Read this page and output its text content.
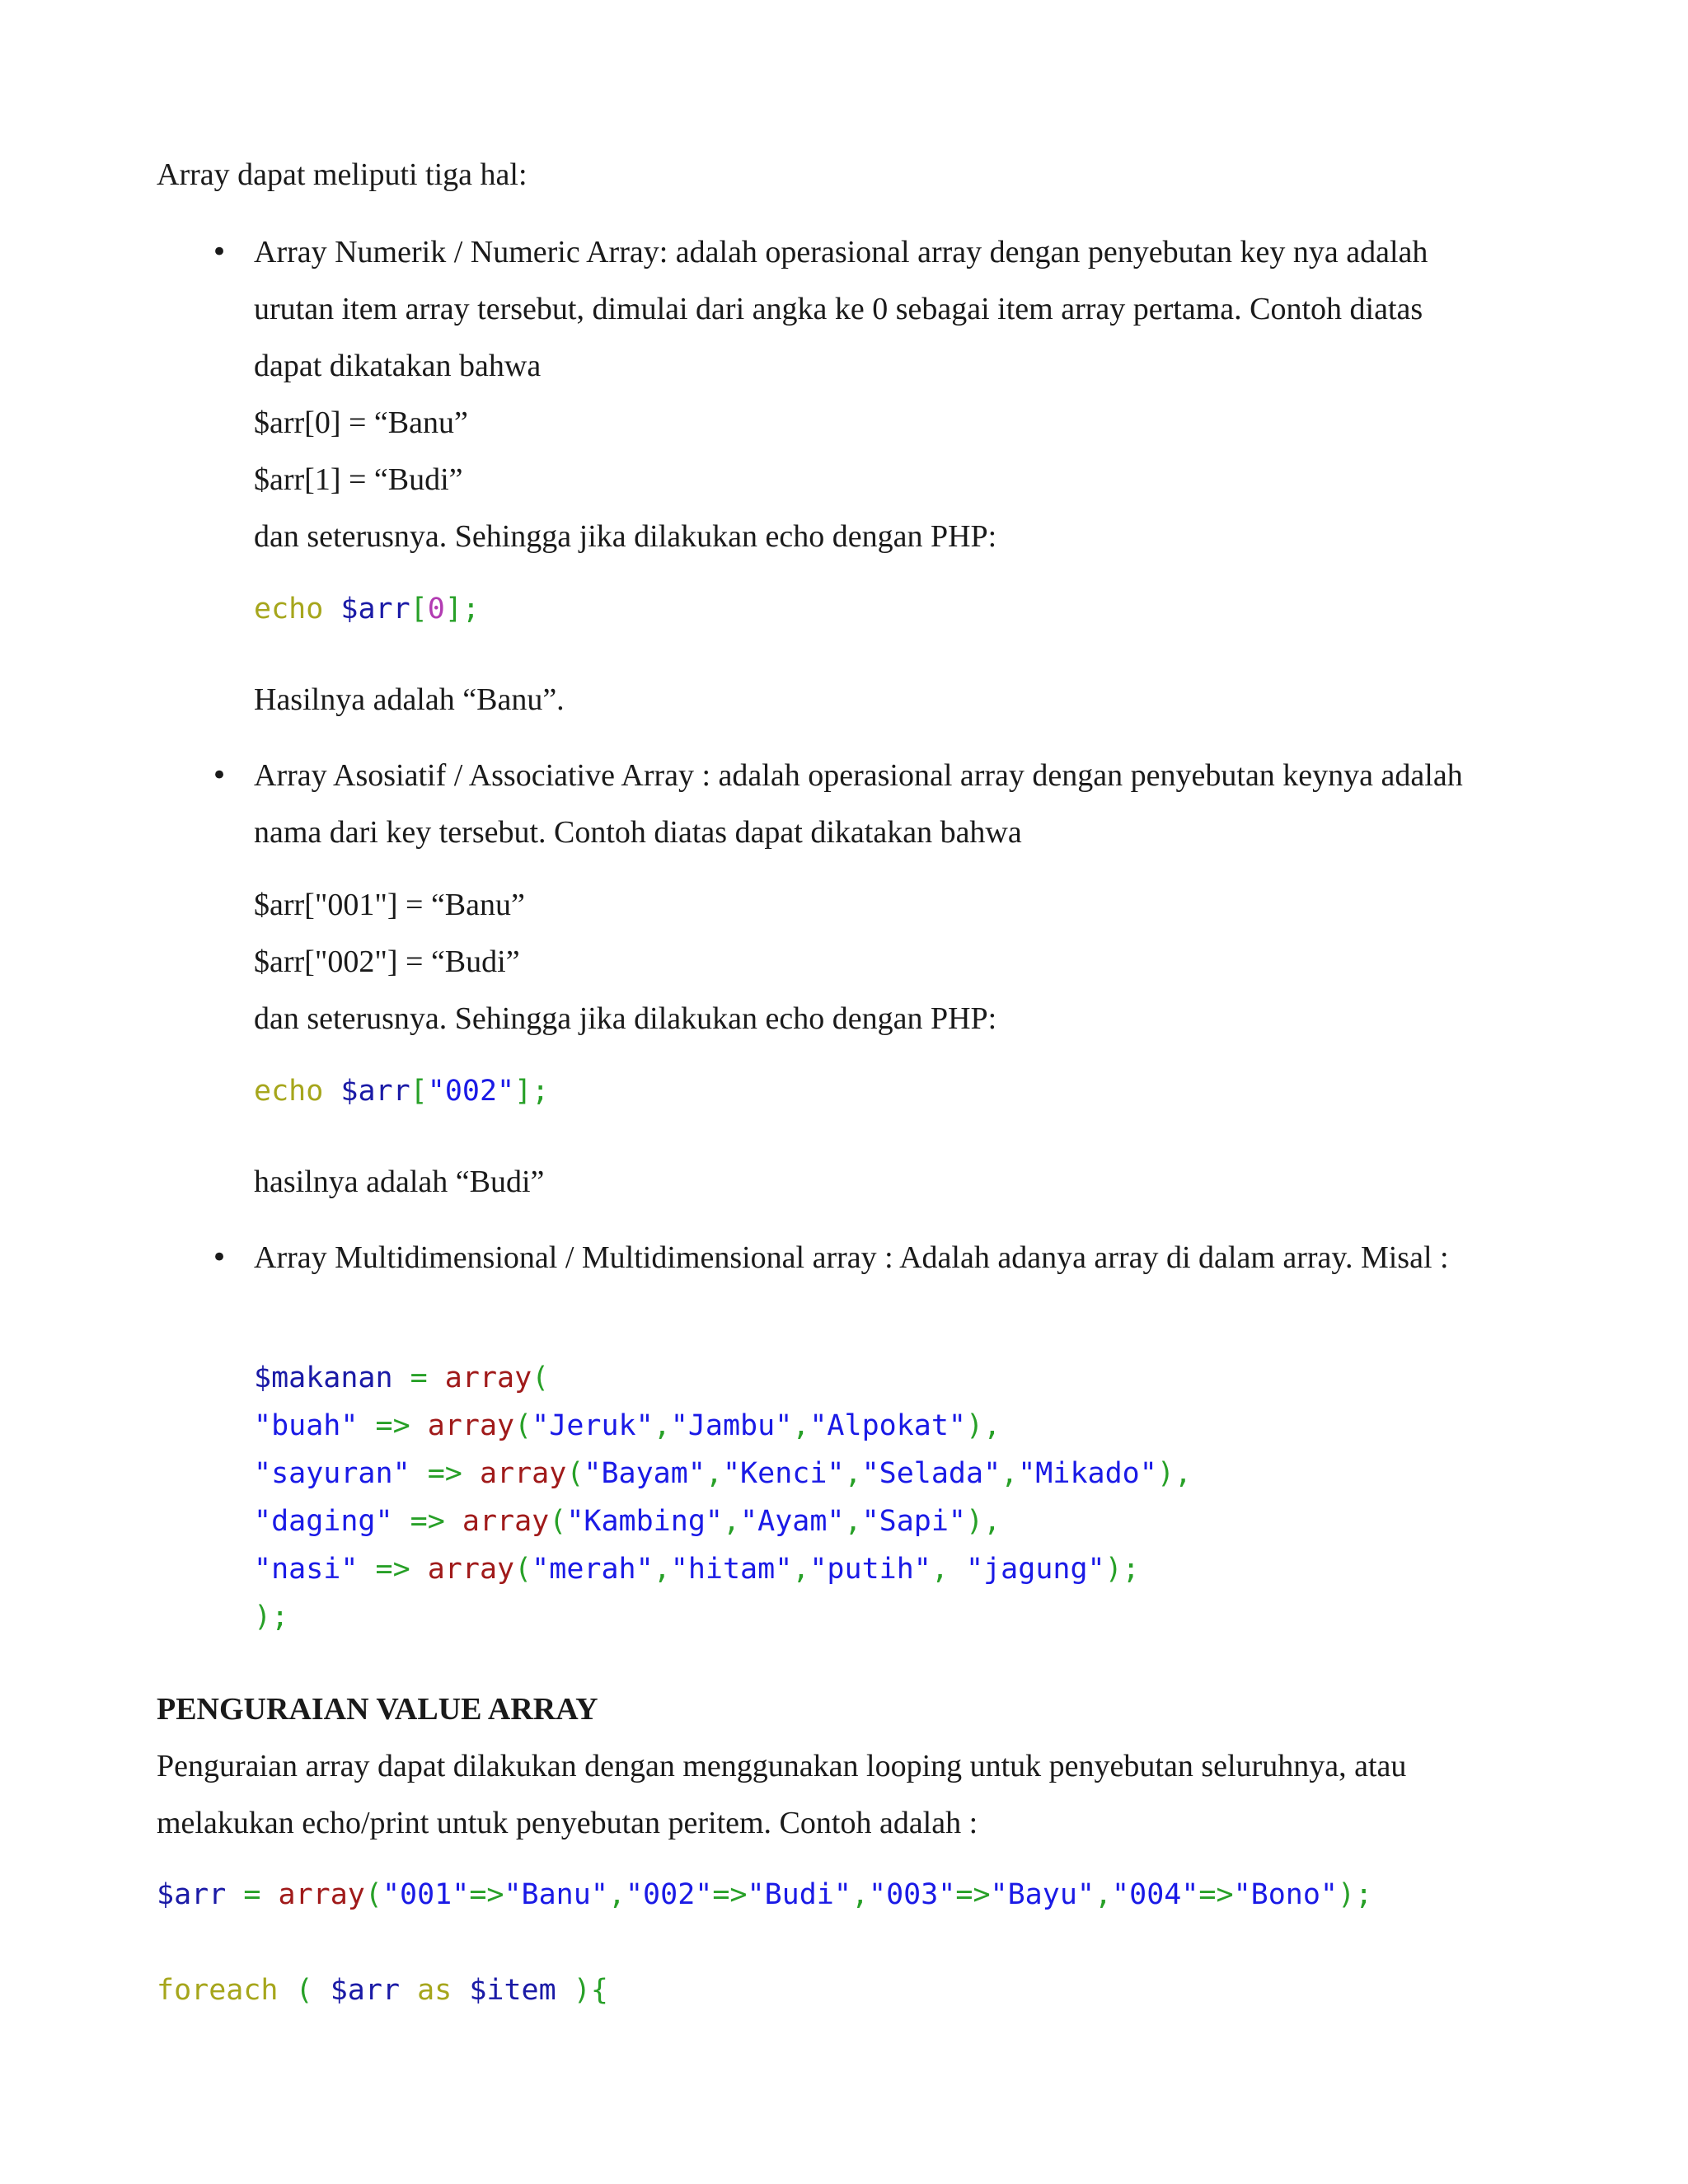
Array dapat meliputi tiga hal:
• Array Numerik / Numeric Array: adalah operasional array dengan penyebutan key nya adalah
urutan item array tersebut, dimulai dari angka ke 0 sebagai item array pertama. Contoh diatas
dapat dikatakan bahwa
$arr[0] = “Banu”
$arr[1] = “Budi”
dan seterusnya. Sehingga jika dilakukan echo dengan PHP:
echo $arr[0];
Hasilnya adalah “Banu”.
• Array Asosiatif / Associative Array : adalah operasional array dengan penyebutan keynya adalah
nama dari key tersebut. Contoh diatas dapat dikatakan bahwa
$arr["001"] = “Banu”
$arr["002"] = “Budi”
dan seterusnya. Sehingga jika dilakukan echo dengan PHP:
echo $arr["002"];
hasilnya adalah “Budi”
• Array Multidimensional / Multidimensional array : Adalah adanya array di dalam array. Misal :
$makanan = array(
"buah" => array("Jeruk","Jambu","Alpokat"),
"sayuran" => array("Bayam","Kenci","Selada","Mikado"),
"daging" => array("Kambing","Ayam","Sapi"),
"nasi" => array("merah","hitam","putih", "jagung");
);
PENGURAIAN VALUE ARRAY
Penguraian array dapat dilakukan dengan menggunakan looping untuk penyebutan seluruhnya, atau
melakukan echo/print untuk penyebutan peritem. Contoh adalah :
$arr = array("001"=>"Banu","002"=>"Budi","003"=>"Bayu","004"=>"Bono");
foreach ( $arr as $item ){
